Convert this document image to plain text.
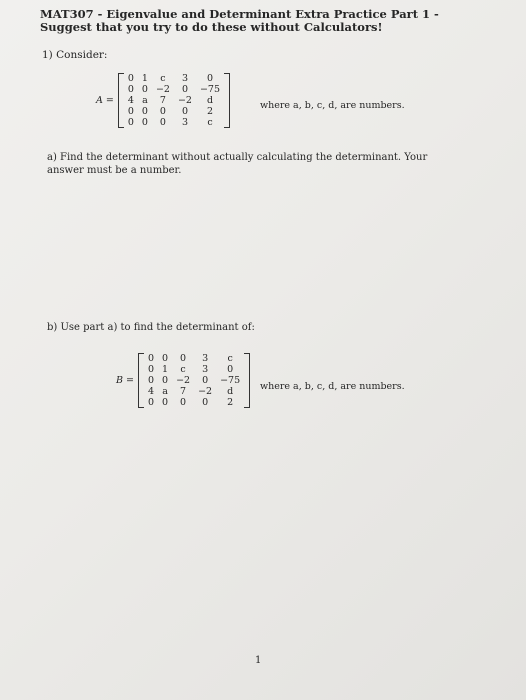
MAT307 - Eigenvalue and Determinant Extra Practice Part 1 - Suggest that you try to do these without Calculators!
1) Consider:
A =
0	1	c	3	0
0	0	−2	0	−75
4	a	7	−2	d
0	0	0	0	2
0	0	0	3	c
where a, b, c, d, are numbers.
a) Find the determinant without actually calculating the determinant. Your answer must be a number.
b) Use part a) to find the determinant of:
B =
0	0	0	3	c
0	1	c	3	0
0	0	−2	0	−75
4	a	7	−2	d
0	0	0	0	2
where a, b, c, d, are numbers.
1
